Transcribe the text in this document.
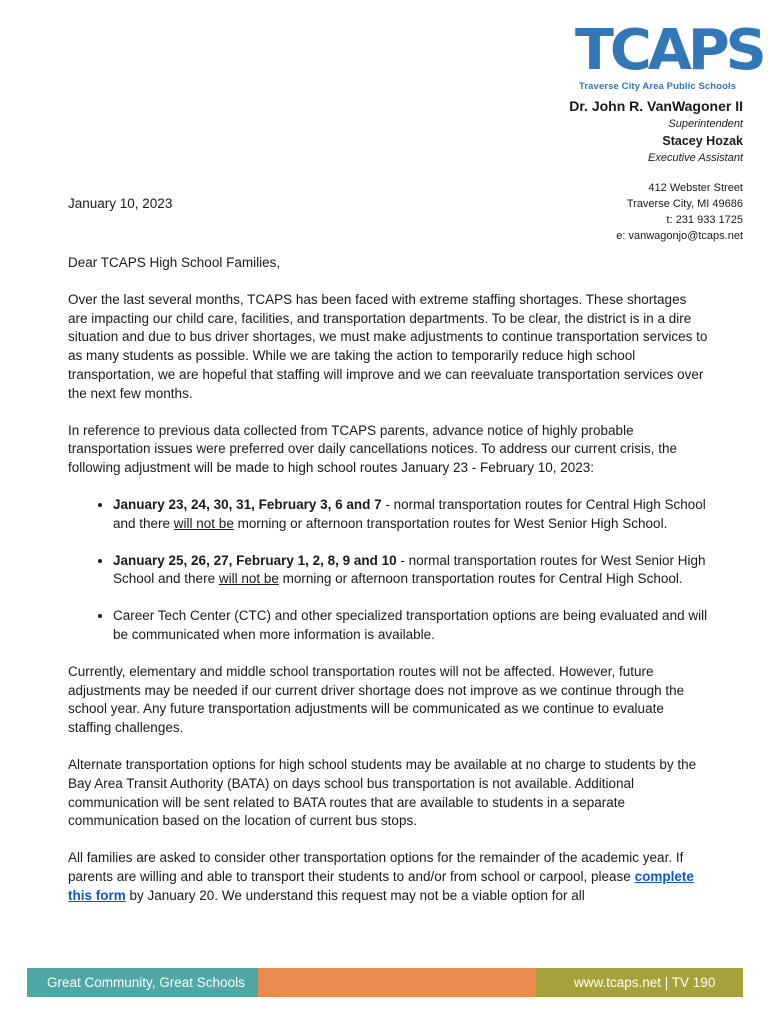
TCAPS
Traverse City Area Public Schools
Dr. John R. VanWagoner II
Superintendent
Stacey Hozak
Executive Assistant
412 Webster Street
Traverse City, MI 49686
t: 231 933 1725
e: vanwagonjo@tcaps.net
January 10, 2023

Dear TCAPS High School Families,

Over the last several months, TCAPS has been faced with extreme staffing shortages. These shortages are impacting our child care, facilities, and transportation departments. To be clear, the district is in a dire situation and due to bus driver shortages, we must make adjustments to continue transportation services to as many students as possible. While we are taking the action to temporarily reduce high school transportation, we are hopeful that staffing will improve and we can reevaluate transportation services over the next few months.

In reference to previous data collected from TCAPS parents, advance notice of highly probable transportation issues were preferred over daily cancellations notices. To address our current crisis, the following adjustment will be made to high school routes January 23 - February 10, 2023:

• January 23, 24, 30, 31, February 3, 6 and 7 - normal transportation routes for Central High School and there will not be morning or afternoon transportation routes for West Senior High School.
• January 25, 26, 27, February 1, 2, 8, 9 and 10 - normal transportation routes for West Senior High School and there will not be morning or afternoon transportation routes for Central High School.
• Career Tech Center (CTC) and other specialized transportation options are being evaluated and will be communicated when more information is available.

Currently, elementary and middle school transportation routes will not be affected. However, future adjustments may be needed if our current driver shortage does not improve as we continue through the school year. Any future transportation adjustments will be communicated as we continue to evaluate staffing challenges.

Alternate transportation options for high school students may be available at no charge to students by the Bay Area Transit Authority (BATA) on days school bus transportation is not available. Additional communication will be sent related to BATA routes that are available to students in a separate communication based on the location of current bus stops.

All families are asked to consider other transportation options for the remainder of the academic year. If parents are willing and able to transport their students to and/or from school or carpool, please complete this form by January 20. We understand this request may not be a viable option for all

Great Community, Great Schools	www.tcaps.net | TV 190
